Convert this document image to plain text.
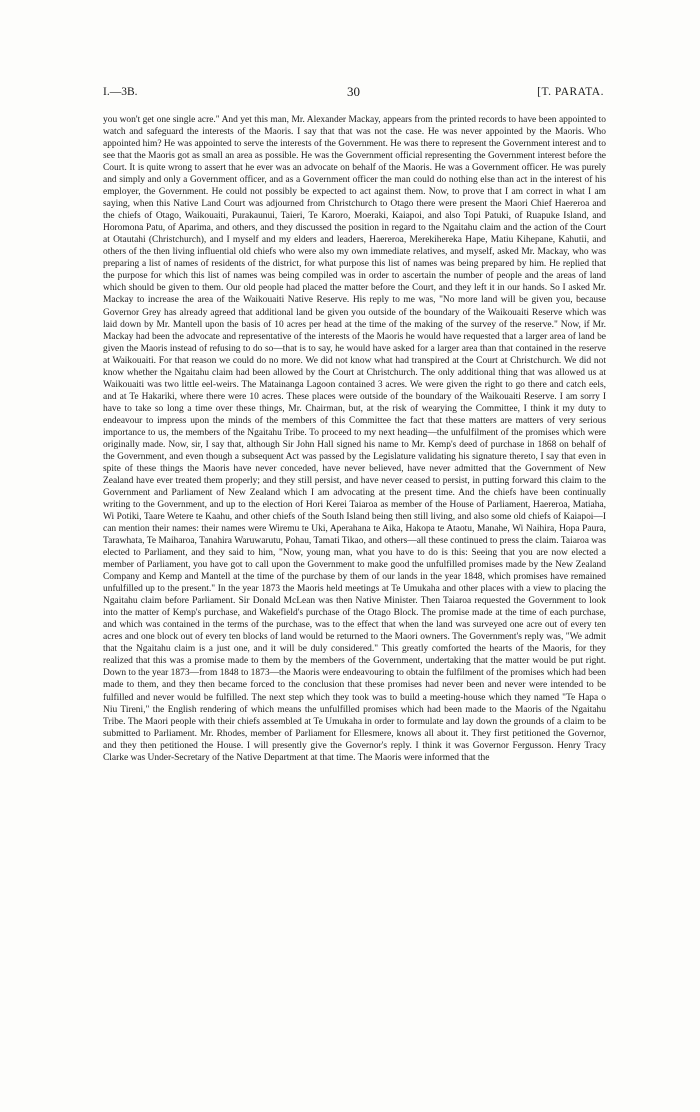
I.—3B.	30	[T. PARATA.

you won't get one single acre." And yet this man, Mr. Alexander Mackay, appears from the printed records to have been appointed to watch and safeguard the interests of the Maoris. I say that that was not the case. He was never appointed by the Maoris. Who appointed him? He was appointed to serve the interests of the Government. He was there to represent the Government interest and to see that the Maoris got as small an area as possible. He was the Government official representing the Government interest before the Court. It is quite wrong to assert that he ever was an advocate on behalf of the Maoris. He was a Government officer. He was purely and simply and only a Government officer, and as a Government officer the man could do nothing else than act in the interest of his employer, the Government. He could not possibly be expected to act against them. Now, to prove that I am correct in what I am saying, when this Native Land Court was adjourned from Christchurch to Otago there were present the Maori Chief Haereroa and the chiefs of Otago, Waikouaiti, Purakaunui, Taieri, Te Karoro, Moeraki, Kaiapoi, and also Topi Patuki, of Ruapuke Island, and Horomona Patu, of Aparima, and others, and they discussed the position in regard to the Ngaitahu claim and the action of the Court at Otautahi (Christchurch), and I myself and my elders and leaders, Haereroa, Merekihereka Hape, Matiu Kihepane, Kahutii, and others of the then living influential old chiefs who were also my own immediate relatives, and myself, asked Mr. Mackay, who was preparing a list of names of residents of the district, for what purpose this list of names was being prepared by him. He replied that the purpose for which this list of names was being compiled was in order to ascertain the number of people and the areas of land which should be given to them. Our old people had placed the matter before the Court, and they left it in our hands. So I asked Mr. Mackay to increase the area of the Waikouaiti Native Reserve. His reply to me was, "No more land will be given you, because Governor Grey has already agreed that additional land be given you outside of the boundary of the Waikouaiti Reserve which was laid down by Mr. Mantell upon the basis of 10 acres per head at the time of the making of the survey of the reserve." Now, if Mr. Mackay had been the advocate and representative of the interests of the Maoris he would have requested that a larger area of land be given the Maoris instead of refusing to do so—that is to say, he would have asked for a larger area than that contained in the reserve at Waikouaiti. For that reason we could do no more. We did not know what had transpired at the Court at Christchurch. We did not know whether the Ngaitahu claim had been allowed by the Court at Christchurch. The only additional thing that was allowed us at Waikouaiti was two little eel-weirs. The Matainanga Lagoon contained 3 acres. We were given the right to go there and catch eels, and at Te Hakariki, where there were 10 acres. These places were outside of the boundary of the Waikouaiti Reserve. I am sorry I have to take so long a time over these things, Mr. Chairman, but, at the risk of wearying the Committee, I think it my duty to endeavour to impress upon the minds of the members of this Committee the fact that these matters are matters of very serious importance to us, the members of the Ngaitahu Tribe. To proceed to my next heading—the unfulfilment of the promises which were originally made. Now, sir, I say that, although Sir John Hall signed his name to Mr. Kemp's deed of purchase in 1868 on behalf of the Government, and even though a subsequent Act was passed by the Legislature validating his signature thereto, I say that even in spite of these things the Maoris have never conceded, have never believed, have never admitted that the Government of New Zealand have ever treated them properly; and they still persist, and have never ceased to persist, in putting forward this claim to the Government and Parliament of New Zealand which I am advocating at the present time. And the chiefs have been continually writing to the Government, and up to the election of Hori Kerei Taiaroa as member of the House of Parliament, Haereroa, Matiaha, Wi Potiki, Taare Wetere te Kaahu, and other chiefs of the South Island being then still living, and also some old chiefs of Kaiapoi—I can mention their names: their names were Wiremu te Uki, Aperahana te Aika, Hakopa te Ataotu, Manahe, Wi Naihira, Hopa Paura, Tarawhata, Te Maiharoa, Tanahira Waruwarutu, Pohau, Tamati Tikao, and others—all these continued to press the claim. Taiaroa was elected to Parliament, and they said to him, "Now, young man, what you have to do is this: Seeing that you are now elected a member of Parliament, you have got to call upon the Government to make good the unfulfilled promises made by the New Zealand Company and Kemp and Mantell at the time of the purchase by them of our lands in the year 1848, which promises have remained unfulfilled up to the present." In the year 1873 the Maoris held meetings at Te Umukaha and other places with a view to placing the Ngaitahu claim before Parliament. Sir Donald McLean was then Native Minister. Then Taiaroa requested the Government to look into the matter of Kemp's purchase, and Wakefield's purchase of the Otago Block. The promise made at the time of each purchase, and which was contained in the terms of the purchase, was to the effect that when the land was surveyed one acre out of every ten acres and one block out of every ten blocks of land would be returned to the Maori owners. The Government's reply was, "We admit that the Ngaitahu claim is a just one, and it will be duly considered." This greatly comforted the hearts of the Maoris, for they realized that this was a promise made to them by the members of the Government, undertaking that the matter would be put right. Down to the year 1873—from 1848 to 1873—the Maoris were endeavouring to obtain the fulfilment of the promises which had been made to them, and they then became forced to the conclusion that these promises had never been and never were intended to be fulfilled and never would be fulfilled. The next step which they took was to build a meeting-house which they named "Te Hapa o Niu Tireni," the English rendering of which means the unfulfilled promises which had been made to the Maoris of the Ngaitahu Tribe. The Maori people with their chiefs assembled at Te Umukaha in order to formulate and lay down the grounds of a claim to be submitted to Parliament. Mr. Rhodes, member of Parliament for Ellesmere, knows all about it. They first petitioned the Governor, and they then petitioned the House. I will presently give the Governor's reply. I think it was Governor Fergusson. Henry Tracy Clarke was Under-Secretary of the Native Department at that time. The Maoris were informed that the
